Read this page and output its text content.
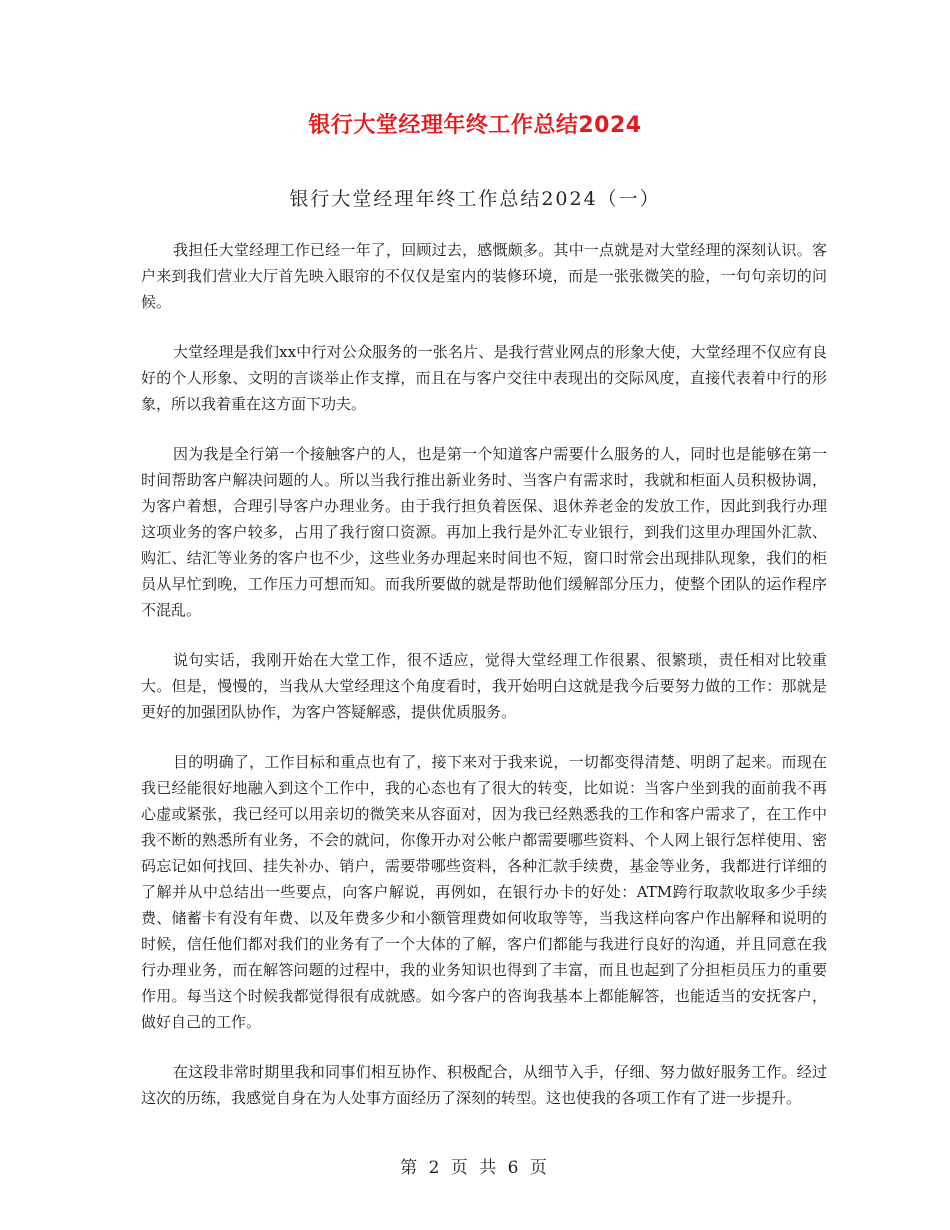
银行大堂经理年终工作总结2024
银行大堂经理年终工作总结2024（一）

我担任大堂经理工作已经一年了，回顾过去，感慨颇多。其中一点就是对大堂经理的深刻认识。客户来到我们营业大厅首先映入眼帘的不仅仅是室内的装修环境，而是一张张微笑的脸，一句句亲切的问候。

大堂经理是我们xx中行对公众服务的一张名片、是我行营业网点的形象大使，大堂经理不仅应有良好的个人形象、文明的言谈举止作支撑，而且在与客户交往中表现出的交际风度，直接代表着中行的形象，所以我着重在这方面下功夫。

因为我是全行第一个接触客户的人，也是第一个知道客户需要什么服务的人，同时也是能够在第一时间帮助客户解决问题的人。所以当我行推出新业务时、当客户有需求时，我就和柜面人员积极协调，为客户着想，合理引导客户办理业务。由于我行担负着医保、退休养老金的发放工作，因此到我行办理这项业务的客户较多，占用了我行窗口资源。再加上我行是外汇专业银行，到我们这里办理国外汇款、购汇、结汇等业务的客户也不少，这些业务办理起来时间也不短，窗口时常会出现排队现象，我们的柜员从早忙到晚，工作压力可想而知。而我所要做的就是帮助他们缓解部分压力，使整个团队的运作程序不混乱。

说句实话，我刚开始在大堂工作，很不适应，觉得大堂经理工作很累、很繁琐，责任相对比较重大。但是，慢慢的，当我从大堂经理这个角度看时，我开始明白这就是我今后要努力做的工作：那就是更好的加强团队协作，为客户答疑解惑，提供优质服务。

目的明确了，工作目标和重点也有了，接下来对于我来说，一切都变得清楚、明朗了起来。而现在我已经能很好地融入到这个工作中，我的心态也有了很大的转变，比如说：当客户坐到我的面前我不再心虚或紧张，我已经可以用亲切的微笑来从容面对，因为我已经熟悉我的工作和客户需求了，在工作中我不断的熟悉所有业务，不会的就问，你像开办对公帐户都需要哪些资料、个人网上银行怎样使用、密码忘记如何找回、挂失补办、销户，需要带哪些资料，各种汇款手续费，基金等业务，我都进行详细的了解并从中总结出一些要点，向客户解说，再例如，在银行办卡的好处：ATM跨行取款收取多少手续费、储蓄卡有没有年费、以及年费多少和小额管理费如何收取等等，当我这样向客户作出解释和说明的时候，信任他们都对我们的业务有了一个大体的了解，客户们都能与我进行良好的沟通，并且同意在我行办理业务，而在解答问题的过程中，我的业务知识也得到了丰富，而且也起到了分担柜员压力的重要作用。每当这个时候我都觉得很有成就感。如今客户的咨询我基本上都能解答，也能适当的安抚客户，做好自己的工作。

在这段非常时期里我和同事们相互协作、积极配合，从细节入手，仔细、努力做好服务工作。经过这次的历练，我感觉自身在为人处事方面经历了深刻的转型。这也使我的各项工作有了进一步提升。

第 2 页 共 6 页
